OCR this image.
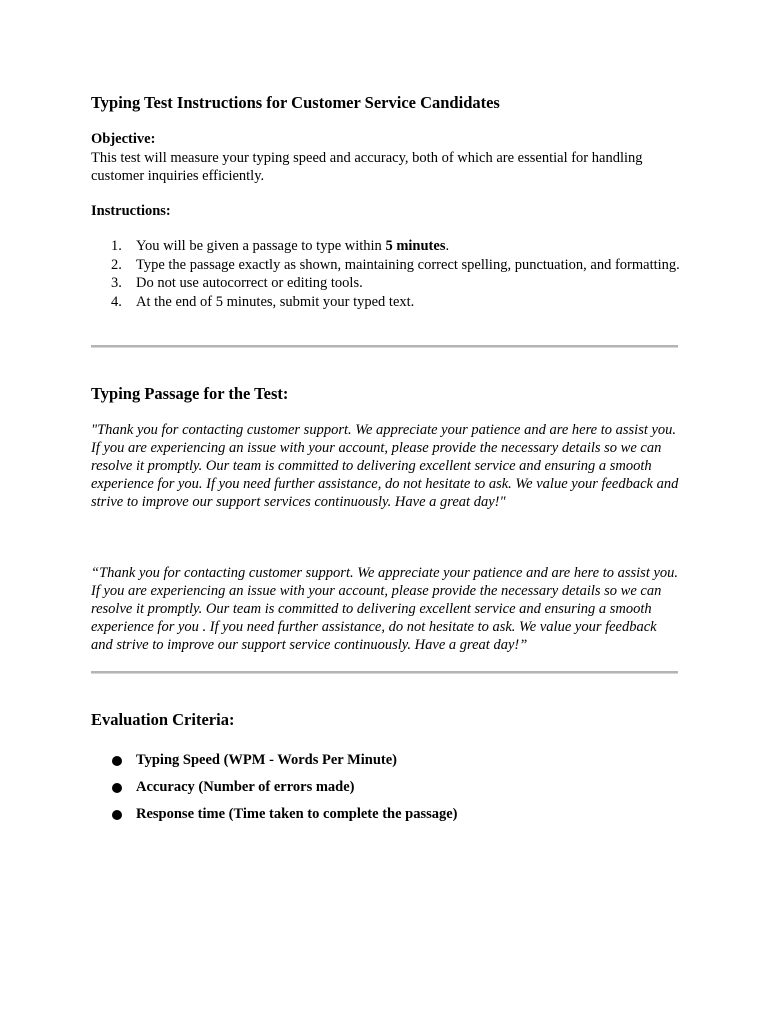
Typing Test Instructions for Customer Service Candidates

Objective:

This test will measure your typing speed and accuracy, both of which are essential for handling customer inquiries efficiently.

Instructions:

1. You will be given a passage to type within 5 minutes.
2. Type the passage exactly as shown, maintaining correct spelling, punctuation, and formatting.
3. Do not use autocorrect or editing tools.
4. At the end of 5 minutes, submit your typed text.
Typing Passage for the Test:

"Thank you for contacting customer support. We appreciate your patience and are here to assist you. If you are experiencing an issue with your account, please provide the necessary details so we can resolve it promptly. Our team is committed to delivering excellent service and ensuring a smooth experience for you. If you need further assistance, do not hesitate to ask. We value your feedback and strive to improve our support services continuously. Have a great day!"

“Thank you for contacting customer support. We appreciate your patience and are here to assist you. If you are experiencing an issue with your account, please provide the necessary details so we can resolve it promptly. Our team is committed to delivering excellent service and ensuring a smooth experience for you . If you need further assistance, do not hesitate to ask. We value your feedback and strive to improve our support service continuously. Have a great day!”

Evaluation Criteria:
Typing Speed (WPM - Words Per Minute)
Accuracy (Number of errors made)
Response time (Time taken to complete the passage)
